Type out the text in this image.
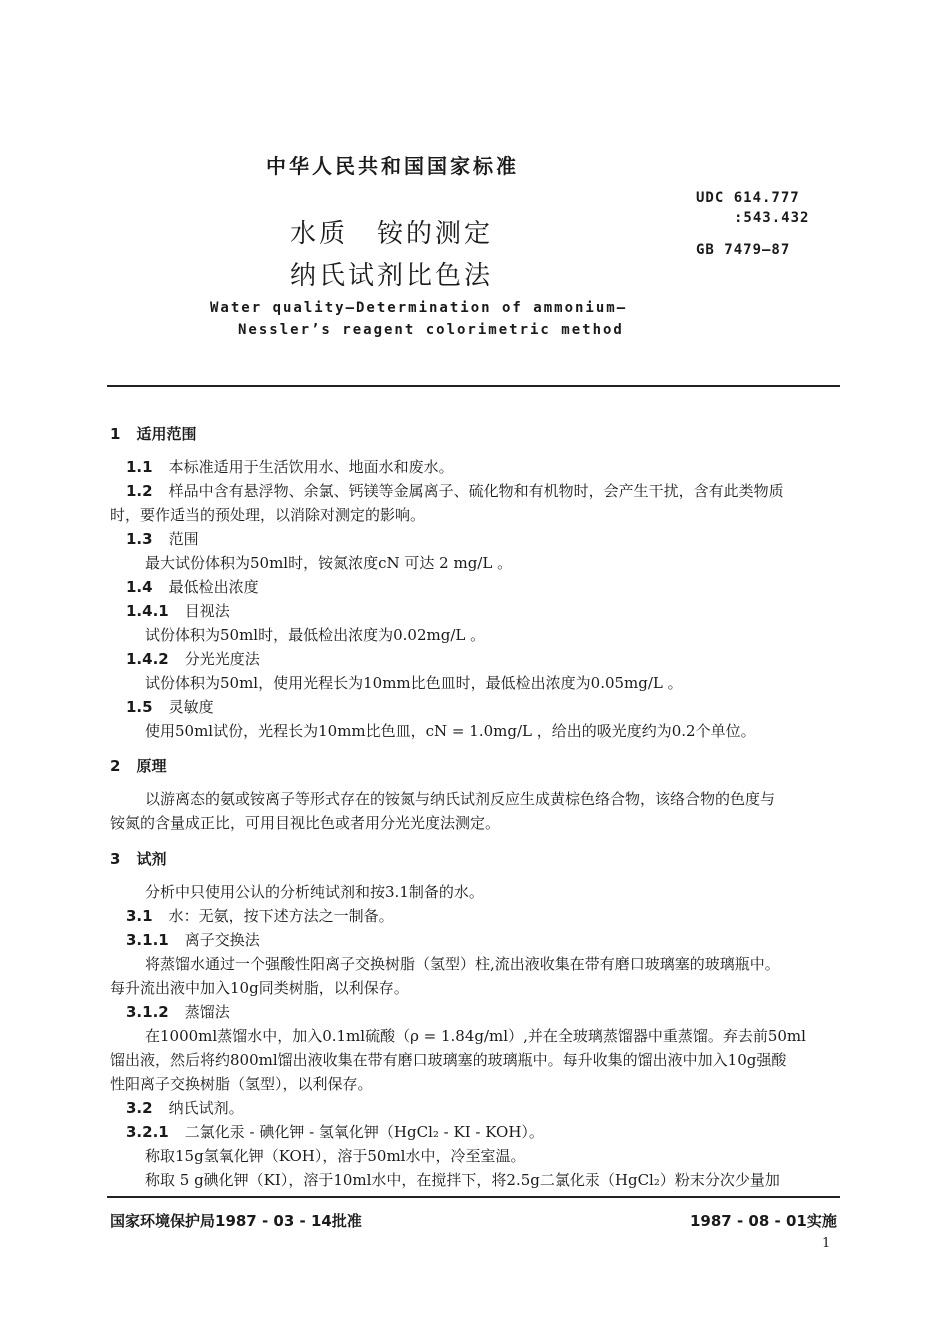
中华人民共和国国家标准
UDC 614.777
:543.432
GB 7479—87
水质　铵的测定
纳氏试剂比色法
Water quality—Determination of ammonium—
Nessler’s reagent colorimetric method
1 适用范围
1.1 本标准适用于生活饮用水、地面水和废水。
1.2 样品中含有悬浮物、余氯、钙镁等金属离子、硫化物和有机物时，会产生干扰，含有此类物质
时，要作适当的预处理，以消除对测定的影响。
1.3 范围
最大试份体积为50ml时，铵氮浓度cN 可达 2 mg/L 。
1.4 最低检出浓度
1.4.1 目视法
试份体积为50ml时，最低检出浓度为0.02mg/L 。
1.4.2 分光光度法
试份体积为50ml，使用光程长为10mm比色皿时，最低检出浓度为0.05mg/L 。
1.5 灵敏度
使用50ml试份，光程长为10mm比色皿，cN = 1.0mg/L ，给出的吸光度约为0.2个单位。
2 原理
以游离态的氨或铵离子等形式存在的铵氮与纳氏试剂反应生成黄棕色络合物，该络合物的色度与
铵氮的含量成正比，可用目视比色或者用分光光度法测定。
3 试剂
分析中只使用公认的分析纯试剂和按3.1制备的水。
3.1 水：无氨，按下述方法之一制备。
3.1.1 离子交换法
将蒸馏水通过一个强酸性阳离子交换树脂（氢型）柱,流出液收集在带有磨口玻璃塞的玻璃瓶中。
每升流出液中加入10g同类树脂，以利保存。
3.1.2 蒸馏法
在1000ml蒸馏水中，加入0.1ml硫酸（ρ = 1.84g/ml）,并在全玻璃蒸馏器中重蒸馏。弃去前50ml
馏出液，然后将约800ml馏出液收集在带有磨口玻璃塞的玻璃瓶中。每升收集的馏出液中加入10g强酸
性阳离子交换树脂（氢型），以利保存。
3.2 纳氏试剂。
3.2.1 二氯化汞 - 碘化钾 - 氢氧化钾（HgCl₂ - KI - KOH）。
称取15g氢氧化钾（KOH），溶于50ml水中，冷至室温。
称取 5 g碘化钾（KI），溶于10ml水中，在搅拌下，将2.5g二氯化汞（HgCl₂）粉末分次少量加
国家环境保护局1987 - 03 - 14批准	1987 - 08 - 01实施
1
